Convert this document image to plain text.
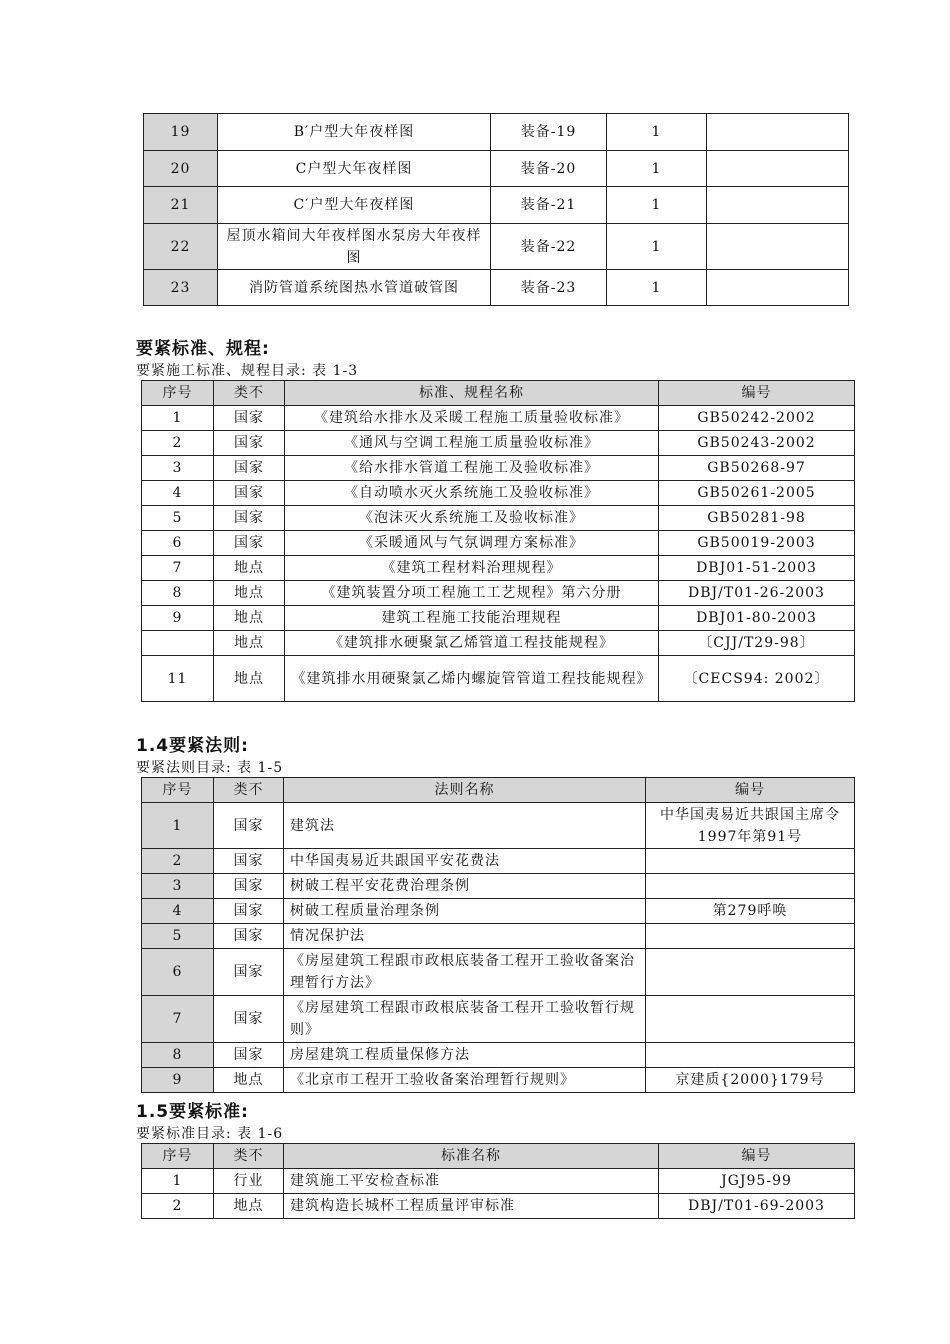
19	B′户型大年夜样图	装备-19	1	
20	C户型大年夜样图	装备-20	1	
21	C′户型大年夜样图	装备-21	1	
22	屋顶水箱间大年夜样图水泵房大年夜样图	装备-22	1	
23	消防管道系统图热水管道破管图	装备-23	1	
要紧标准、规程:
要紧施工标准、规程目录: 表 1-3
序号	类不	标准、规程名称	编号
1	国家	《建筑给水排水及采暖工程施工质量验收标准》	GB50242-2002
2	国家	《通风与空调工程施工质量验收标准》	GB50243-2002
3	国家	《给水排水管道工程施工及验收标准》	GB50268-97
4	国家	《自动喷水灭火系统施工及验收标准》	GB50261-2005
5	国家	《泡沫灭火系统施工及验收标准》	GB50281-98
6	国家	《采暖通风与气氛调理方案标准》	GB50019-2003
7	地点	《建筑工程材料治理规程》	DBJ01-51-2003
8	地点	《建筑装置分项工程施工工艺规程》第六分册	DBJ/T01-26-2003
9	地点	建筑工程施工技能治理规程	DBJ01-80-2003
	地点	《建筑排水硬聚氯乙烯管道工程技能规程》	〔CJJ/T29-98〕
11	地点	《建筑排水用硬聚氯乙烯内螺旋管管道工程技能规程》	〔CECS94: 2002〕
1.4要紧法则:
要紧法则目录: 表 1-5
序号	类不	法则名称	编号
1	国家	建筑法	中华国夷易近共跟国主席令1997年第91号
2	国家	中华国夷易近共跟国平安花费法	
3	国家	树破工程平安花费治理条例	
4	国家	树破工程质量治理条例	第279呼唤
5	国家	情况保护法	
6	国家	《房屋建筑工程跟市政根底装备工程开工验收备案治理暂行方法》	
7	国家	《房屋建筑工程跟市政根底装备工程开工验收暂行规则》	
8	国家	房屋建筑工程质量保修方法	
9	地点	《北京市工程开工验收备案治理暂行规则》	京建质{2000}179号
1.5要紧标准:
要紧标准目录: 表 1-6
序号	类不	标准名称	编号
1	行业	建筑施工平安检查标准	JGJ95-99
2	地点	建筑构造长城杯工程质量评审标准	DBJ/T01-69-2003
